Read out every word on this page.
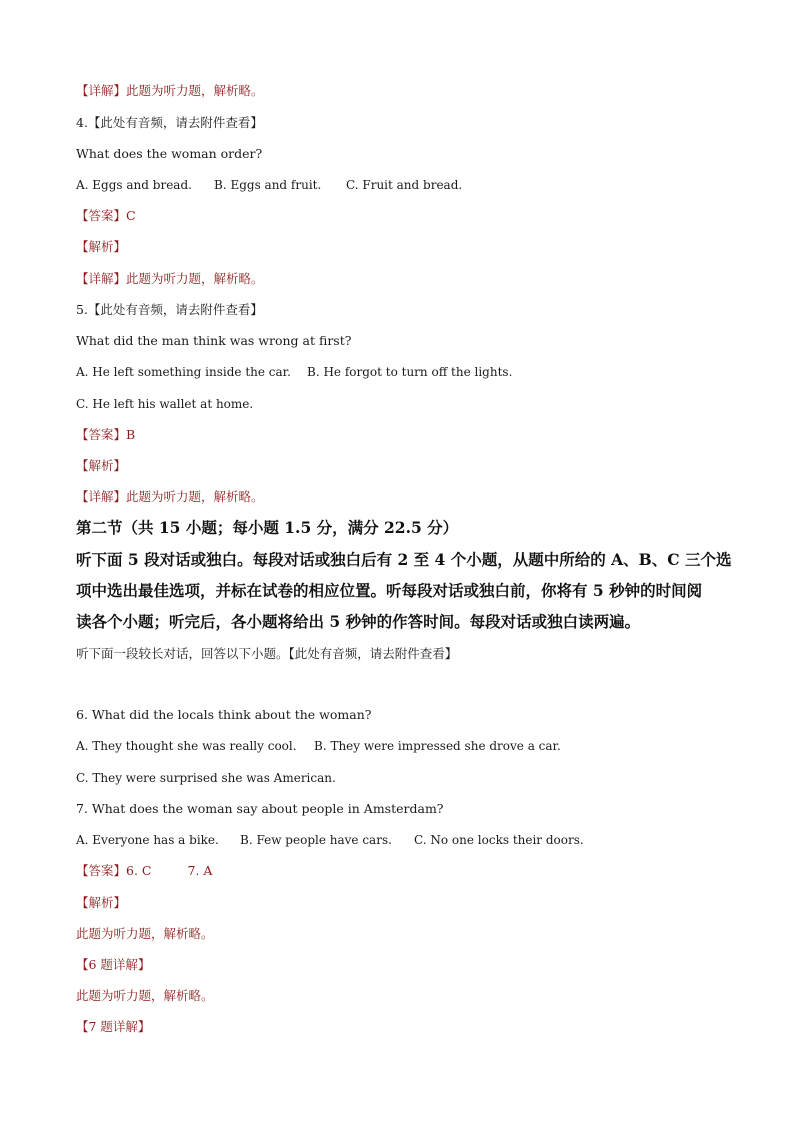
【详解】此题为听力题，解析略。
4.【此处有音频，请去附件查看】
What does the woman order?
A. Eggs and bread. B. Eggs and fruit. C. Fruit and bread.
【答案】C
【解析】
【详解】此题为听力题，解析略。
5.【此处有音频，请去附件查看】
What did the man think was wrong at first?
A. He left something inside the car. B. He forgot to turn off the lights.
C. He left his wallet at home.
【答案】B
【解析】
【详解】此题为听力题，解析略。
第二节（共 15 小题；每小题 1.5 分，满分 22.5 分）
听下面 5 段对话或独白。每段对话或独白后有 2 至 4 个小题，从题中所给的 A、B、C 三个选
项中选出最佳选项，并标在试卷的相应位置。听每段对话或独白前，你将有 5 秒钟的时间阅
读各个小题；听完后，各小题将给出 5 秒钟的作答时间。每段对话或独白读两遍。
听下面一段较长对话，回答以下小题。【此处有音频，请去附件查看】
6. What did the locals think about the woman?
A. They thought she was really cool. B. They were impressed she drove a car.
C. They were surprised she was American.
7. What does the woman say about people in Amsterdam?
A. Everyone has a bike. B. Few people have cars. C. No one locks their doors.
【答案】6. C	7. A
【解析】
此题为听力题，解析略。
【6 题详解】
此题为听力题，解析略。
【7 题详解】
